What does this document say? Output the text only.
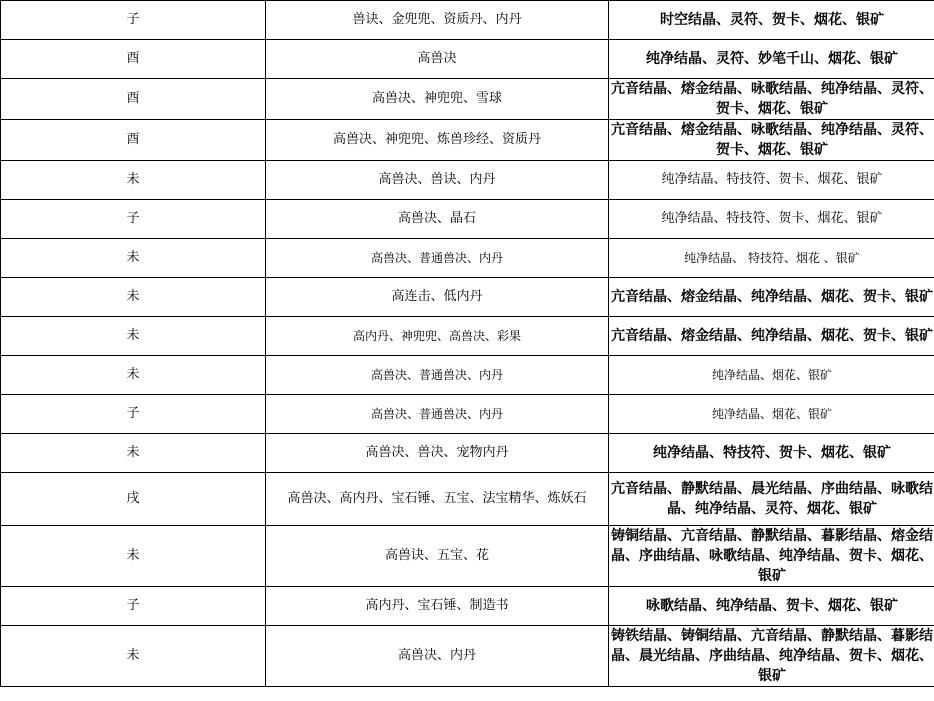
子	兽诀、金兜兜、资质丹、内丹	时空结晶、灵符、贺卡、烟花、银矿
酉	高兽决	纯净结晶、灵符、妙笔千山、烟花、银矿
酉	高兽决、神兜兜、雪球	亢音结晶、熔金结晶、咏歌结晶、纯净结晶、灵符、贺卡、烟花、银矿
酉	高兽决、神兜兜、炼兽珍经、资质丹	亢音结晶、熔金结晶、咏歌结晶、纯净结晶、灵符、贺卡、烟花、银矿
未	高兽决、兽诀、内丹	纯净结晶、特技符、贺卡、烟花、银矿
子	高兽决、晶石	纯净结晶、特技符、贺卡、烟花、银矿
未	高兽决、普通兽决、内丹	纯净结晶、 特技符、烟花 、银矿
未	高连击、低内丹	亢音结晶、熔金结晶、纯净结晶、烟花、贺卡、银矿
未	高内丹、神兜兜、高兽决、彩果	亢音结晶、熔金结晶、纯净结晶、烟花、贺卡、银矿
未	高兽决、普通兽决、内丹	纯净结晶、烟花、银矿
子	高兽决、普通兽决、内丹	纯净结晶、烟花、银矿
未	高兽决、兽决、宠物内丹	纯净结晶、特技符、贺卡、烟花、银矿
戌	高兽决、高内丹、宝石锤、五宝、法宝精华、炼妖石	亢音结晶、静默结晶、晨光结晶、序曲结晶、咏歌结晶、纯净结晶、灵符、烟花、银矿
未	高兽诀、五宝、花	铸铜结晶、亢音结晶、静默结晶、暮影结晶、熔金结晶、序曲结晶、咏歌结晶、纯净结晶、贺卡、烟花、银矿
子	高内丹、宝石锤、制造书	咏歌结晶、纯净结晶、贺卡、烟花、银矿
未	高兽决、内丹	铸铁结晶、铸铜结晶、亢音结晶、静默结晶、暮影结晶、晨光结晶、序曲结晶、纯净结晶、贺卡、烟花、银矿
